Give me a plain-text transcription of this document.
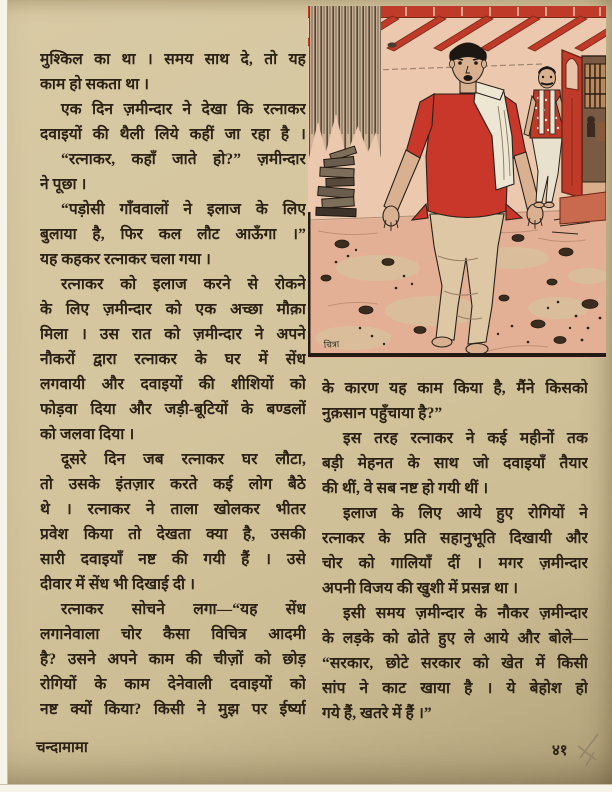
चित्रा
मुश्किल का था । समय साथ दे, तो यह
काम हो सकता था ।
एक दिन ज़मीन्दार ने देखा कि रत्नाकर
दवाइयों की थैली लिये कहीं जा रहा है ।
“रत्नाकर, कहाँ जाते हो?” ज़मीन्दार
ने पूछा ।
“पड़ोसी गाँववालों ने इलाज के लिए
बुलाया है, फिर कल लौट आऊँगा ।”
यह कहकर रत्नाकर चला गया ।
रत्नाकर को इलाज करने से रोकने
के लिए ज़मीन्दार को एक अच्छा मौक़ा
मिला । उस रात को ज़मीन्दार ने अपने
नौकरों द्वारा रत्नाकर के घर में सेंध
लगवायी और दवाइयों की शीशियों को
फोड़वा दिया और जड़ी-बूटियों के बण्डलों
को जलवा दिया ।
दूसरे दिन जब रत्नाकर घर लौटा,
तो उसके इंतज़ार करते कई लोग बैठे
थे । रत्नाकर ने ताला खोलकर भीतर
प्रवेश किया तो देखता क्या है, उसकी
सारी दवाइयाँ नष्ट की गयी हैं । उसे
दीवार में सेंध भी दिखाई दी ।
रत्नाकर सोचने लगा—“यह सेंध
लगानेवाला चोर कैसा विचित्र आदमी
है? उसने अपने काम की चीज़ों को छोड़
रोगियों के काम देनेवाली दवाइयों को
नष्ट क्यों किया? किसी ने मुझ पर ईर्ष्या
के कारण यह काम किया है, मैंने किसको
नुक़सान पहुँचाया है?”
इस तरह रत्नाकर ने कई महीनों तक
बड़ी मेहनत के साथ जो दवाइयाँ तैयार
की थीं, वे सब नष्ट हो गयी थीं ।
इलाज के लिए आये हुए रोगियों ने
रत्नाकर के प्रति सहानुभूति दिखायी और
चोर को गालियाँ दीं । मगर ज़मीन्दार
अपनी विजय की खुशी में प्रसन्न था ।
इसी समय ज़मीन्दार के नौकर ज़मीन्दार
के लड़के को ढोते हुए ले आये और बोले—
“सरकार, छोटे सरकार को खेत में किसी
सांप ने काट खाया है । ये बेहोश हो
गये हैं, खतरे में हैं ।”
चन्दामामा	४१
